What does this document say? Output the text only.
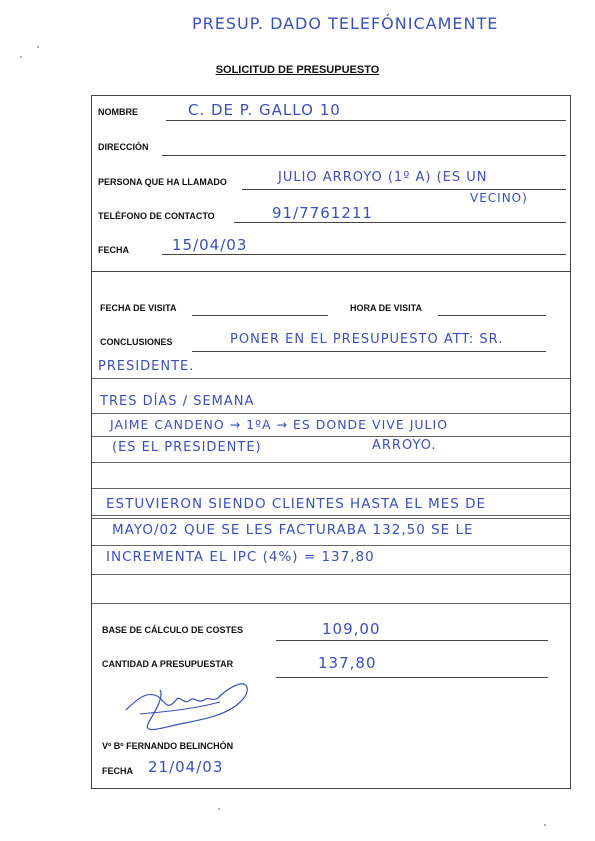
PRESUP. DADO TELEFÓNICAMENTE
SOLICITUD DE PRESUPUESTO
NOMBRE	C. DE P. GALLO 10
DIRECCIÓN
PERSONA QUE HA LLAMADO	JULIO ARROYO (1º A) (ES UN
VECINO)
TELÉFONO DE CONTACTO	91/7761211
FECHA	15/04/03
FECHA DE VISITA	HORA DE VISITA
CONCLUSIONES	PONER EN EL PRESUPUESTO ATT: SR.
PRESIDENTE.
TRES DÍAS / SEMANA
JAIME CANDENO → 1ºA → ES DONDE VIVE JULIO
(ES EL PRESIDENTE)	ARROYO.
ESTUVIERON SIENDO CLIENTES HASTA EL MES DE
MAYO/02 QUE SE LES FACTURABA 132,50 SE LE
INCREMENTA EL IPC (4%) = 137,80
BASE DE CÁLCULO DE COSTES	109,00
CANTIDAD A PRESUPUESTAR	137,80
Vº Bº FERNANDO BELINCHÓN
FECHA 21/04/03
